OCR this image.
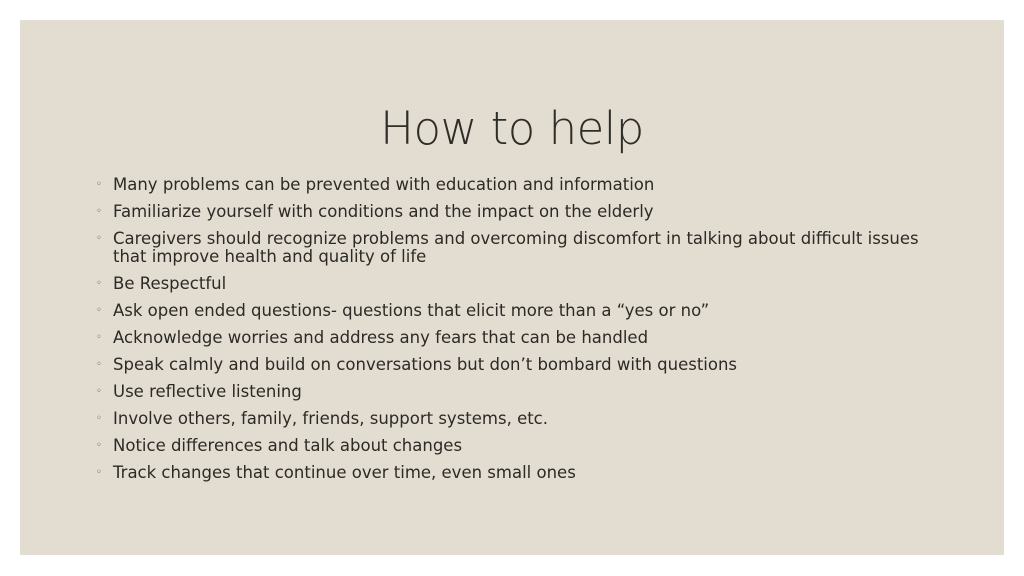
How to help
◦ Many problems can be prevented with education and information
◦ Familiarize yourself with conditions and the impact on the elderly
◦ Caregivers should recognize problems and overcoming discomfort in talking about difficult issues that improve health and quality of life
◦ Be Respectful
◦ Ask open ended questions- questions that elicit more than a “yes or no”
◦ Acknowledge worries and address any fears that can be handled
◦ Speak calmly and build on conversations but don’t bombard with questions
◦ Use reflective listening
◦ Involve others, family, friends, support systems, etc.
◦ Notice differences and talk about changes
◦ Track changes that continue over time, even small ones
